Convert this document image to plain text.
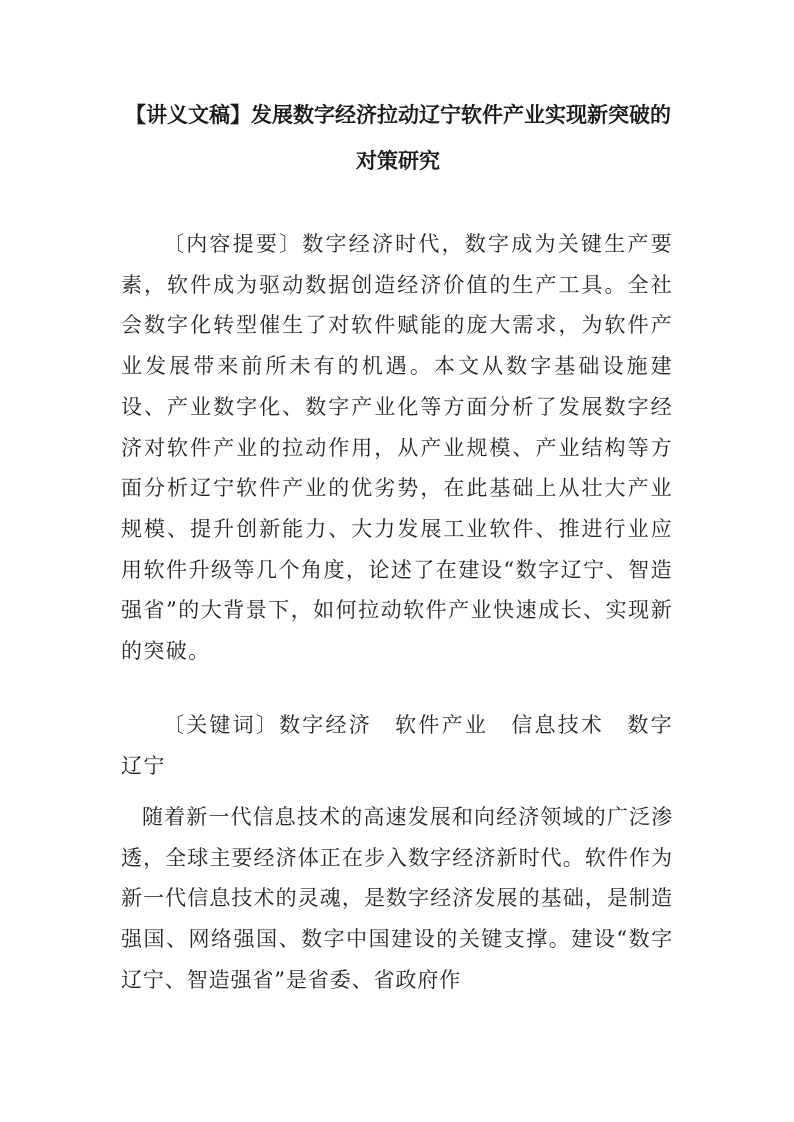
【讲义文稿】发展数字经济拉动辽宁软件产业实现新突破的对策研究

〔内容提要〕数字经济时代，数字成为关键生产要素，软件成为驱动数据创造经济价值的生产工具。全社会数字化转型催生了对软件赋能的庞大需求，为软件产业发展带来前所未有的机遇。本文从数字基础设施建设、产业数字化、数字产业化等方面分析了发展数字经济对软件产业的拉动作用，从产业规模、产业结构等方面分析辽宁软件产业的优劣势，在此基础上从壮大产业规模、提升创新能力、大力发展工业软件、推进行业应用软件升级等几个角度，论述了在建设“数字辽宁、智造强省”的大背景下，如何拉动软件产业快速成长、实现新的突破。

〔关键词〕数字经济　软件产业　信息技术　数字辽宁

随着新一代信息技术的高速发展和向经济领域的广泛渗透，全球主要经济体正在步入数字经济新时代。软件作为新一代信息技术的灵魂，是数字经济发展的基础，是制造强国、网络强国、数字中国建设的关键支撑。建设“数字辽宁、智造强省”是省委、省政府作
